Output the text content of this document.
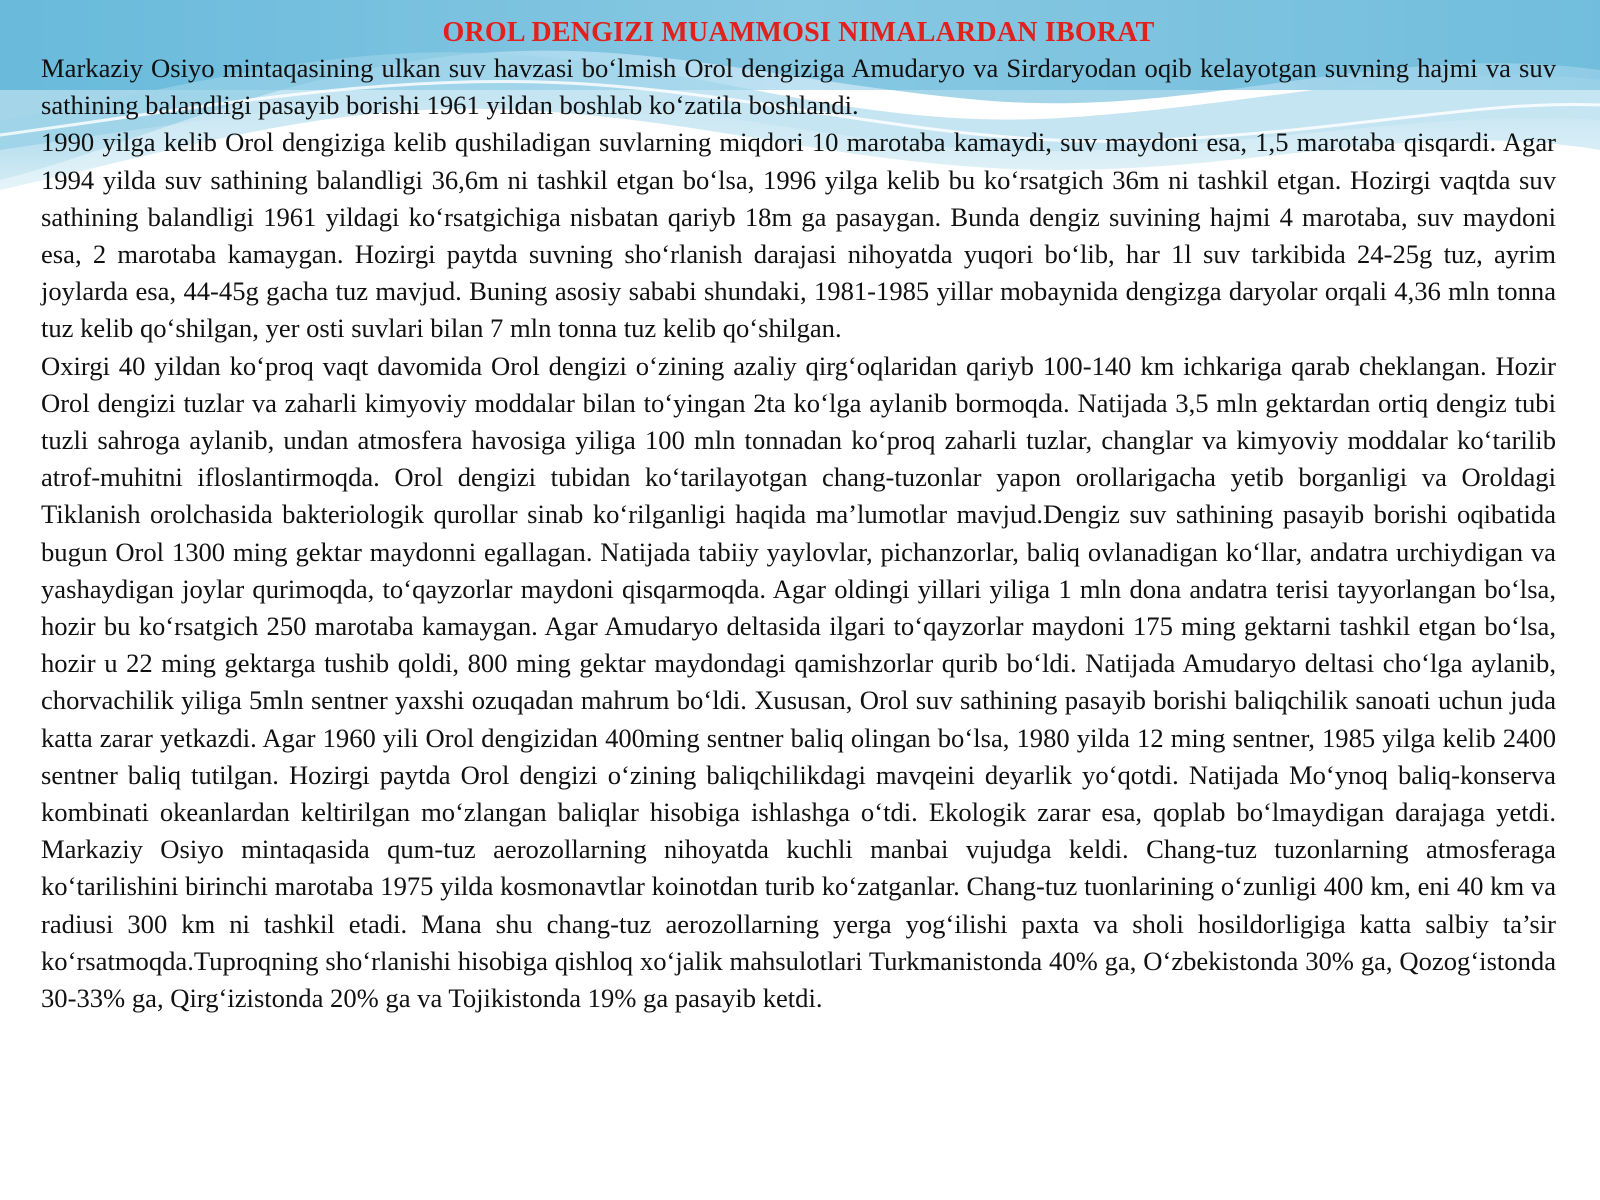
OROL DENGIZI MUAMMOSI NIMALARDAN IBORAT

Markaziy Osiyo mintaqasining ulkan suv havzasi bo‘lmish Orol dengiziga Amudaryo va Sirdaryodan oqib kelayotgan suvning hajmi va suv sathining balandligi pasayib borishi 1961 yildan boshlab ko‘zatila boshlandi.

1990 yilga kelib Orol dengiziga kelib qushiladigan suvlarning miqdori 10 marotaba kamaydi, suv maydoni esa, 1,5 marotaba qisqardi. Agar 1994 yilda suv sathining balandligi 36,6m ni tashkil etgan bo‘lsa, 1996 yilga kelib bu ko‘rsatgich 36m ni tashkil etgan. Hozirgi vaqtda suv sathining balandligi 1961 yildagi ko‘rsatgichiga nisbatan qariyb 18m ga pasaygan. Bunda dengiz suvining hajmi 4 marotaba, suv maydoni esa, 2 marotaba kamaygan. Hozirgi paytda suvning sho‘rlanish darajasi nihoyatda yuqori bo‘lib, har 1l suv tarkibida 24-25g tuz, ayrim joylarda esa, 44-45g gacha tuz mavjud. Buning asosiy sababi shundaki, 1981-1985 yillar mobaynida dengizga daryolar orqali 4,36 mln tonna tuz kelib qo‘shilgan, yer osti suvlari bilan 7 mln tonna tuz kelib qo‘shilgan.

Oxirgi 40 yildan ko‘proq vaqt davomida Orol dengizi o‘zining azaliy qirg‘oqlaridan qariyb 100-140 km ichkariga qarab cheklangan. Hozir Orol dengizi tuzlar va zaharli kimyoviy moddalar bilan to‘yingan 2ta ko‘lga aylanib bormoqda. Natijada 3,5 mln gektardan ortiq dengiz tubi tuzli sahroga aylanib, undan atmosfera havosiga yiliga 100 mln tonnadan ko‘proq zaharli tuzlar, changlar va kimyoviy moddalar ko‘tarilib atrof-muhitni ifloslantirmoqda. Orol dengizi tubidan ko‘tarilayotgan chang-tuzonlar yapon orollarigacha yetib borganligi va Oroldagi Tiklanish orolchasida bakteriologik qurollar sinab ko‘rilganligi haqida ma’lumotlar mavjud.Dengiz suv sathining pasayib borishi oqibatida bugun Orol 1300 ming gektar maydonni egallagan. Natijada tabiiy yaylovlar, pichanzorlar, baliq ovlanadigan ko‘llar, andatra urchiydigan va yashaydigan joylar qurimoqda, to‘qayzorlar maydoni qisqarmoqda. Agar oldingi yillari yiliga 1 mln dona andatra terisi tayyorlangan bo‘lsa, hozir bu ko‘rsatgich 250 marotaba kamaygan. Agar Amudaryo deltasida ilgari to‘qayzorlar maydoni 175 ming gektarni tashkil etgan bo‘lsa, hozir u 22 ming gektarga tushib qoldi, 800 ming gektar maydondagi qamishzorlar qurib bo‘ldi. Natijada Amudaryo deltasi cho‘lga aylanib, chorvachilik yiliga 5mln sentner yaxshi ozuqadan mahrum bo‘ldi. Xususan, Orol suv sathining pasayib borishi baliqchilik sanoati uchun juda katta zarar yetkazdi. Agar 1960 yili Orol dengizidan 400ming sentner baliq olingan bo‘lsa, 1980 yilda 12 ming sentner, 1985 yilga kelib 2400 sentner baliq tutilgan. Hozirgi paytda Orol dengizi o‘zining baliqchilikdagi mavqeini deyarlik yo‘qotdi. Natijada Mo‘ynoq baliq-konserva kombinati okeanlardan keltirilgan mo‘zlangan baliqlar hisobiga ishlashga o‘tdi. Ekologik zarar esa, qoplab bo‘lmaydigan darajaga yetdi. Markaziy Osiyo mintaqasida qum-tuz aerozollarning nihoyatda kuchli manbai vujudga keldi. Chang-tuz tuzonlarning atmosferaga ko‘tarilishini birinchi marotaba 1975 yilda kosmonavtlar koinotdan turib ko‘zatganlar. Chang-tuz tuonlarining o‘zunligi 400 km, eni 40 km va radiusi 300 km ni tashkil etadi. Mana shu chang-tuz aerozollarning yerga yog‘ilishi paxta va sholi hosildorligiga katta salbiy ta’sir ko‘rsatmoqda.Tuproqning sho‘rlanishi hisobiga qishloq xo‘jalik mahsulotlari Turkmanistonda 40% ga, O‘zbekistonda 30% ga, Qozog‘istonda 30-33% ga, Qirg‘izistonda 20% ga va Tojikistonda 19% ga pasayib ketdi.
